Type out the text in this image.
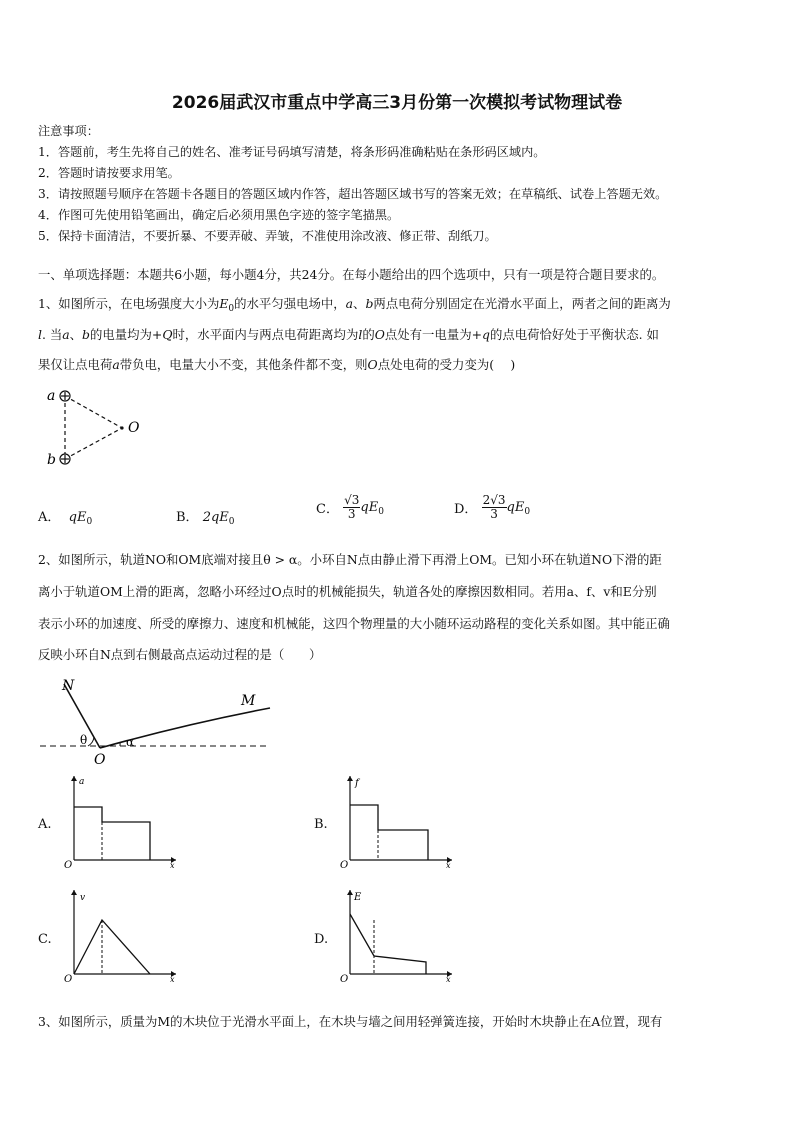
2026届武汉市重点中学高三3月份第一次模拟考试物理试卷
注意事项：
1．答题前，考生先将自己的姓名、准考证号码填写清楚，将条形码准确粘贴在条形码区域内。
2．答题时请按要求用笔。
3．请按照题号顺序在答题卡各题目的答题区域内作答，超出答题区域书写的答案无效；在草稿纸、试卷上答题无效。
4．作图可先使用铅笔画出，确定后必须用黑色字迹的签字笔描黑。
5．保持卡面清洁，不要折暴、不要弄破、弄皱，不准使用涂改液、修正带、刮纸刀。
一、单项选择题：本题共6小题，每小题4分，共24分。在每小题给出的四个选项中，只有一项是符合题目要求的。
1、如图所示，在电场强度大小为$E_0$的水平匀强电场中，a、b两点电荷分别固定在光滑水平面上，两者之间的距离为
l. 当a、b的电量均为+Q时，水平面内与两点电荷距离均为l的O点处有一电量为+q的点电荷恰好处于平衡状态. 如
果仅让点电荷a带负电，电量大小不变，其他条件都不变，则O点处电荷的受力变为(　 )
a
b
O
A． $qE_0$	B． $2qE_0$
C． $\frac{√3}{3} qE_0$	D． $\frac{2√3}{3} qE_0$
2、如图所示，轨道NO和OM底端对接且θ > α。小环自N点由静止滑下再滑上OM。已知小环在轨道NO下滑的距
离小于轨道OM上滑的距离，忽略小环经过O点时的机械能损失，轨道各处的摩擦因数相同。若用a、f、v和E分别
表示小环的加速度、所受的摩擦力、速度和机械能，这四个物理量的大小随环运动路程的变化关系如图。其中能正确
反映小环自N点到右侧最高点运动过程的是（　　）
N
M
O
θ	α
A.
a
x
O
B.
f
x
O
C.
v
x
O
D.
E
x
O
3、如图所示，质量为M的木块位于光滑水平面上，在木块与墙之间用轻弹簧连接，开始时木块静止在A位置，现有
